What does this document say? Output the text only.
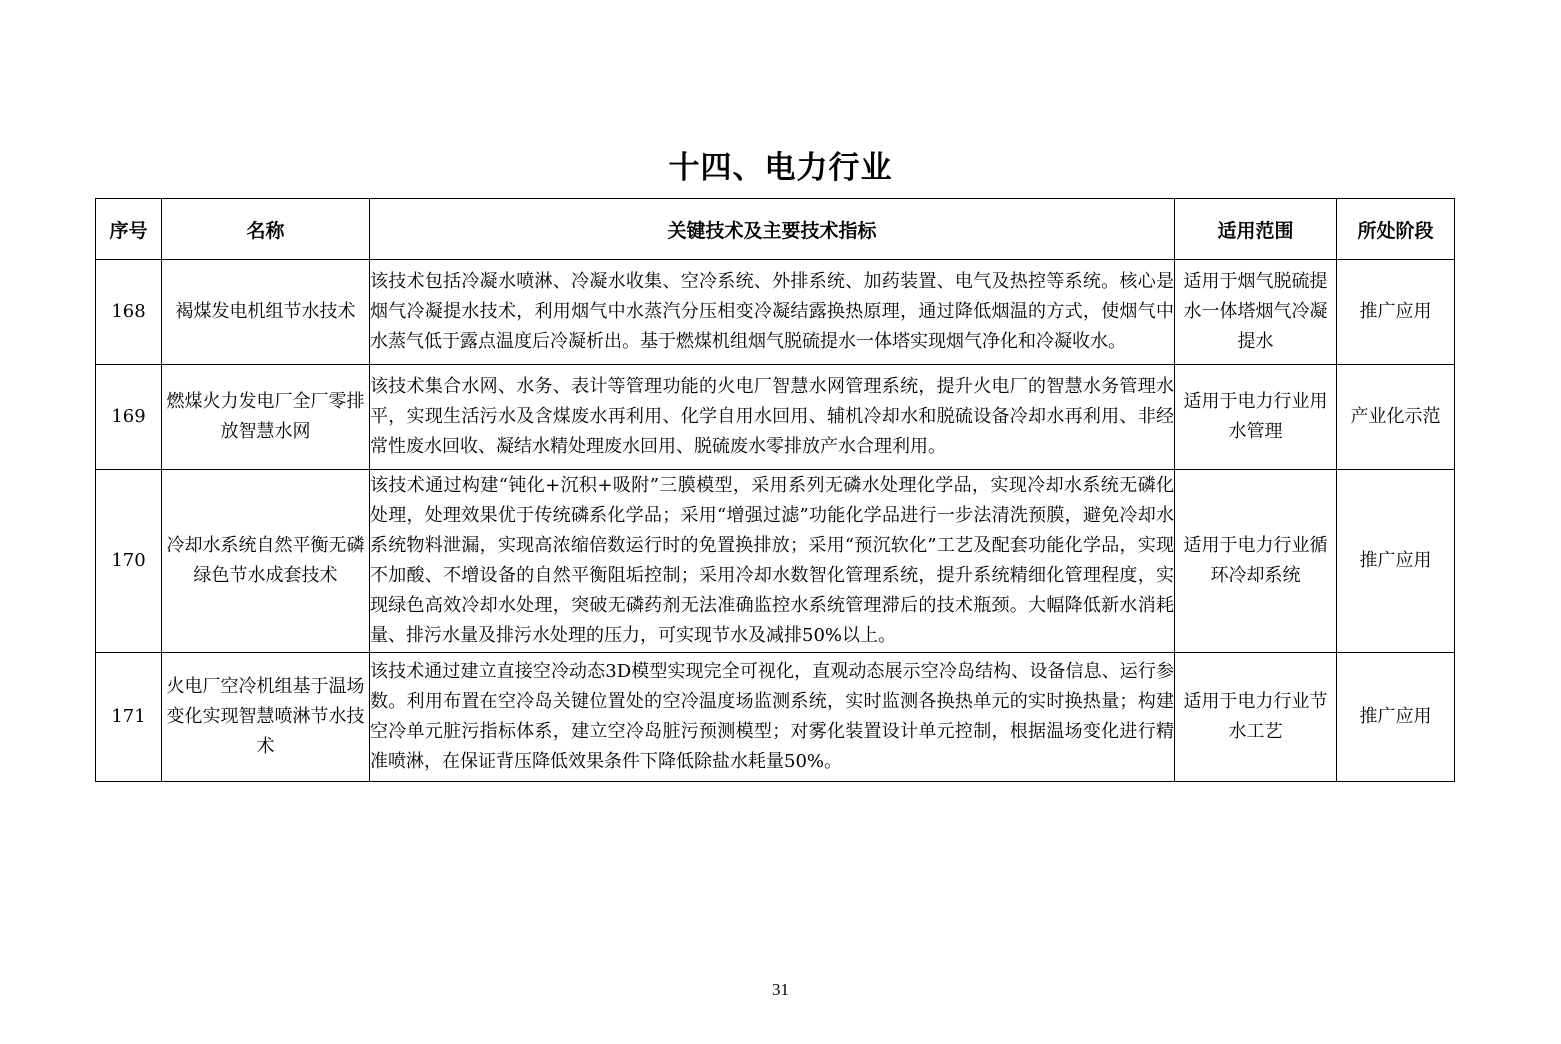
十四、电力行业
序号	名称	关键技术及主要技术指标	适用范围	所处阶段
168	褐煤发电机组节水技术	该技术包括冷凝水喷淋、冷凝水收集、空冷系统、外排系统、加药装置、电气及热控等系统。核心是烟气冷凝提水技术，利用烟气中水蒸汽分压相变冷凝结露换热原理，通过降低烟温的方式，使烟气中水蒸气低于露点温度后冷凝析出。基于燃煤机组烟气脱硫提水一体塔实现烟气净化和冷凝收水。	适用于烟气脱硫提水一体塔烟气冷凝提水	推广应用
169	燃煤火力发电厂全厂零排放智慧水网	该技术集合水网、水务、表计等管理功能的火电厂智慧水网管理系统，提升火电厂的智慧水务管理水平，实现生活污水及含煤废水再利用、化学自用水回用、辅机冷却水和脱硫设备冷却水再利用、非经常性废水回收、凝结水精处理废水回用、脱硫废水零排放产水合理利用。	适用于电力行业用水管理	产业化示范
170	冷却水系统自然平衡无磷绿色节水成套技术	该技术通过构建“钝化+沉积+吸附”三膜模型，采用系列无磷水处理化学品，实现冷却水系统无磷化处理，处理效果优于传统磷系化学品；采用“增强过滤”功能化学品进行一步法清洗预膜，避免冷却水系统物料泄漏，实现高浓缩倍数运行时的免置换排放；采用“预沉软化”工艺及配套功能化学品，实现不加酸、不增设备的自然平衡阻垢控制；采用冷却水数智化管理系统，提升系统精细化管理程度，实现绿色高效冷却水处理，突破无磷药剂无法准确监控水系统管理滞后的技术瓶颈。大幅降低新水消耗量、排污水量及排污水处理的压力，可实现节水及减排50%以上。	适用于电力行业循环冷却系统	推广应用
171	火电厂空冷机组基于温场变化实现智慧喷淋节水技术	该技术通过建立直接空冷动态3D模型实现完全可视化，直观动态展示空冷岛结构、设备信息、运行参数。利用布置在空冷岛关键位置处的空冷温度场监测系统，实时监测各换热单元的实时换热量；构建空冷单元脏污指标体系，建立空冷岛脏污预测模型；对雾化装置设计单元控制，根据温场变化进行精准喷淋，在保证背压降低效果条件下降低除盐水耗量50%。	适用于电力行业节水工艺	推广应用
31
